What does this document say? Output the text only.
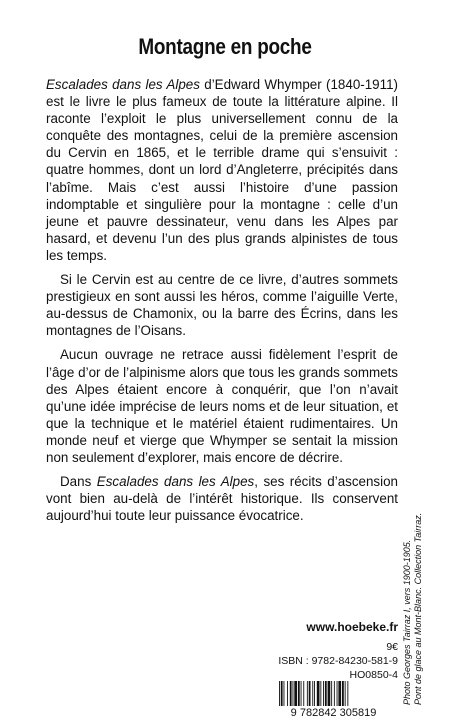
Montagne en poche

Escalades dans les Alpes d’Edward Whymper (1840-1911) est le livre le plus fameux de toute la littérature alpine. Il raconte l’exploit le plus universellement connu de la conquête des montagnes, celui de la première ascension du Cervin en 1865, et le terrible drame qui s’ensuivit : quatre hommes, dont un lord d’Angleterre, précipités dans l’abîme. Mais c’est aussi l’histoire d’une passion indomptable et singulière pour la montagne : celle d’un jeune et pauvre dessinateur, venu dans les Alpes par hasard, et devenu l’un des plus grands alpinistes de tous les temps.

Si le Cervin est au centre de ce livre, d’autres sommets prestigieux en sont aussi les héros, comme l’aiguille Verte, au-dessus de Chamonix, ou la barre des Écrins, dans les montagnes de l’Oisans.

Aucun ouvrage ne retrace aussi fidèlement l’esprit de l’âge d’or de l’alpinisme alors que tous les grands sommets des Alpes étaient encore à conquérir, que l’on n’avait qu’une idée imprécise de leurs noms et de leur situation, et que la technique et le matériel étaient rudimentaires. Un monde neuf et vierge que Whymper se sentait la mission non seulement d’explorer, mais encore de décrire.

Dans Escalades dans les Alpes, ses récits d’ascension vont bien au-delà de l’intérêt historique. Ils conservent aujourd’hui toute leur puissance évocatrice.

www.hoebeke.fr
9€
ISBN : 9782-84230-581-9
HO0850-4
9 782842 305819
Photo Georges Tairraz I, vers 1900-1905. Pont de glace au Mont-Blanc. Collection Tairraz.
